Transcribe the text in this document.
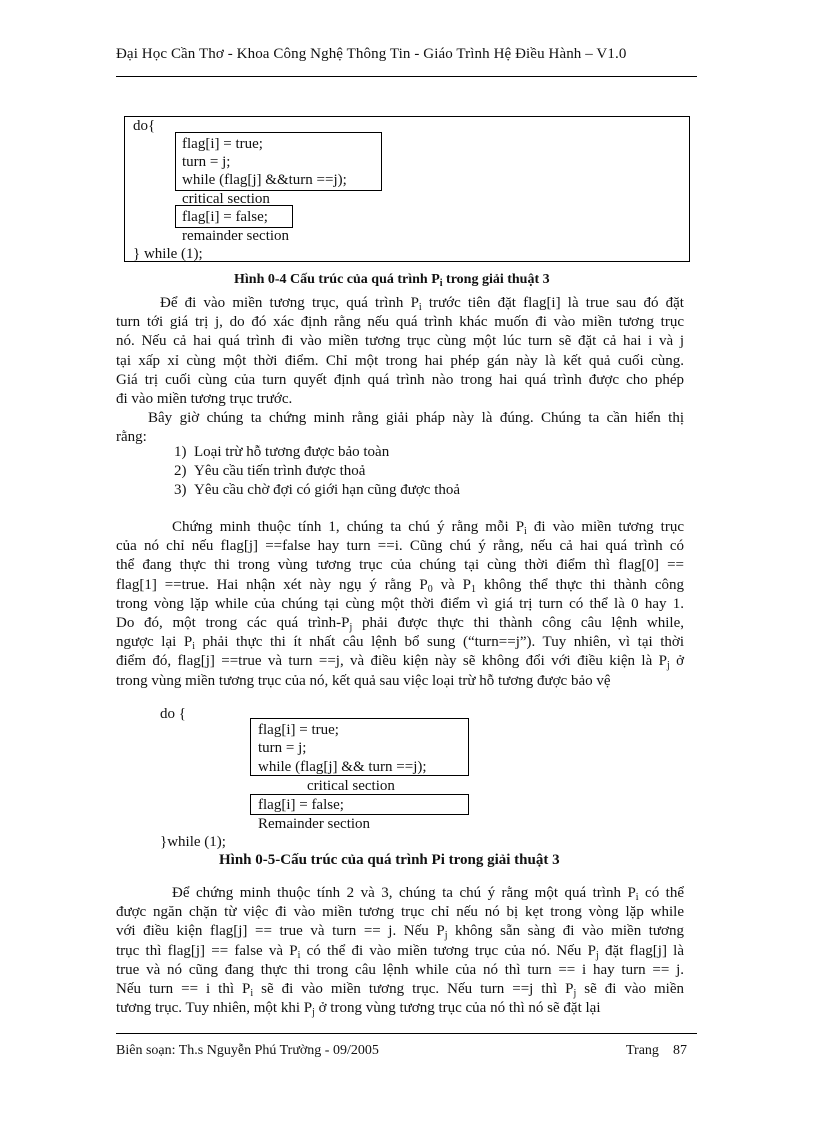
Đại Học Cần Thơ - Khoa Công Nghệ Thông Tin - Giáo Trình Hệ Điều Hành – V1.0
do{
flag[i] = true;
turn = j;
while (flag[j] &&turn ==j);
critical section
flag[i] = false;
remainder section
} while (1);
Hình 0-4 Cấu trúc của quá trình $P_i$ trong giải thuật 3
Để đi vào miền tương trục, quá trình $P_i$ trước tiên đặt flag[i] là true sau đó đặt
turn tới giá trị j, do đó xác định rằng nếu quá trình khác muốn đi vào miền tương trục
nó. Nếu cả hai quá trình đi vào miền tương trục cùng một lúc turn sẽ đặt cả hai i và j
tại xấp xỉ cùng một thời điểm. Chỉ một trong hai phép gán này là kết quả cuối cùng.
Giá trị cuối cùng của turn quyết định quá trình nào trong hai quá trình được cho phép
đi vào miền tương trục trước.
Bây giờ chúng ta chứng minh rằng giải pháp này là đúng. Chúng ta cần hiển thị
rằng:
1) Loại trừ hỗ tương được bảo toàn
2) Yêu cầu tiến trình được thoả
3) Yêu cầu chờ đợi có giới hạn cũng được thoả
Chứng minh thuộc tính 1, chúng ta chú ý rằng mỗi $P_i$ đi vào miền tương trục
của nó chỉ nếu flag[j] ==false hay turn ==i. Cũng chú ý rằng, nếu cả hai quá trình có
thể đang thực thi trong vùng tương trục của chúng tại cùng thời điểm thì flag[0] ==
flag[1] ==true. Hai nhận xét này ngụ ý rằng $P_0$ và $P_1$ không thể thực thi thành công
trong vòng lặp while của chúng tại cùng một thời điểm vì giá trị turn có thể là 0 hay 1.
Do đó, một trong các quá trình-$P_j$ phải được thực thi thành công câu lệnh while,
ngược lại $P_i$ phải thực thi ít nhất câu lệnh bổ sung (“turn==j”). Tuy nhiên, vì tại thời
điểm đó, flag[j] ==true và turn ==j, và điều kiện này sẽ không đổi với điều kiện là $P_j$ ở
trong vùng miền tương trục của nó, kết quả sau việc loại trừ hỗ tương được bảo vệ
do {
flag[i] = true;
turn = j;
while (flag[j] && turn ==j);
critical section
flag[i] = false;
Remainder section
}while (1);
Hình 0-5-Cấu trúc của quá trình Pi trong giải thuật 3
Để chứng minh thuộc tính 2 và 3, chúng ta chú ý rằng một quá trình $P_i$ có thể
được ngăn chặn từ việc đi vào miền tương trục chỉ nếu nó bị kẹt trong vòng lặp while
với điều kiện flag[j] == true và turn == j. Nếu $P_j$ không sẵn sàng đi vào miền tương
trục thì flag[j] == false và $P_i$ có thể đi vào miền tương trục của nó. Nếu $P_j$ đặt flag[j] là
true và nó cũng đang thực thi trong câu lệnh while của nó thì turn == i hay turn == j.
Nếu turn == i thì $P_i$ sẽ đi vào miền tương trục. Nếu turn ==j thì $P_j$ sẽ đi vào miền
tương trục. Tuy nhiên, một khi $P_j$ ở trong vùng tương trục của nó thì nó sẽ đặt lại
Biên soạn: Th.s Nguyễn Phú Trường - 09/2005	Trang 87
